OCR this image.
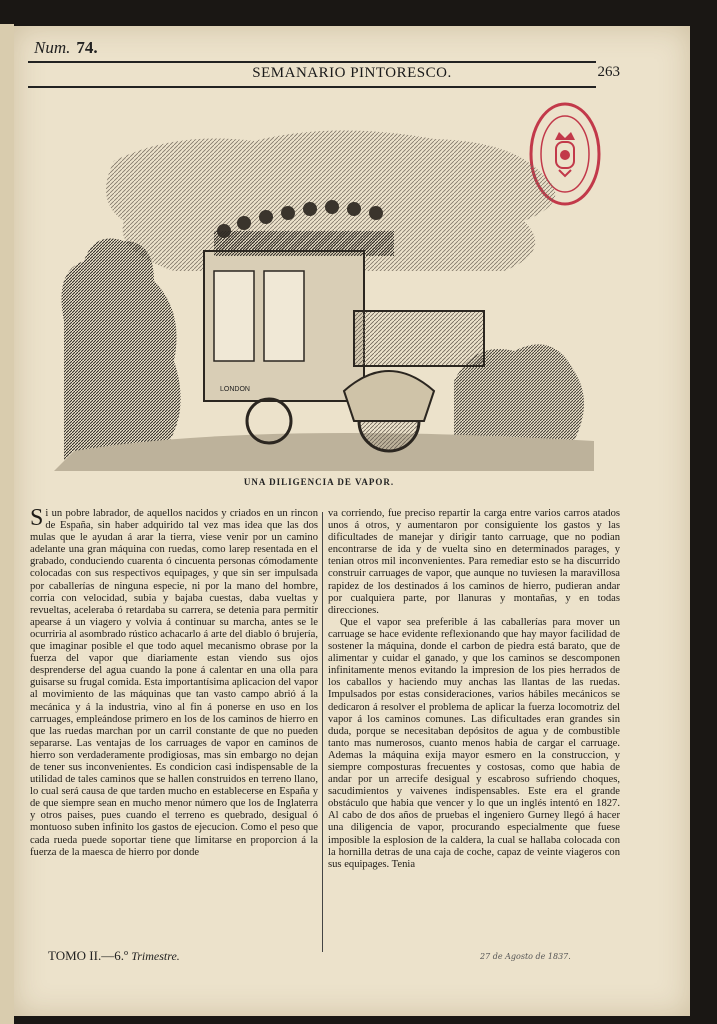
Num. 74.
SEMANARIO PINTORESCO.	263
LONDON
UNA DILIGENCIA DE VAPOR.

Si un pobre labrador, de aquellos nacidos y criados en un rincon de España, sin haber adquirido tal vez mas idea que las dos mulas que le ayudan á arar la tierra, viese venir por un camino adelante una gran máquina con ruedas, como larep resentada en el grabado, conduciendo cuarenta ó cincuenta personas cómodamente colocadas con sus respectivos equipages, y que sin ser impulsada por caballerías de ninguna especie, ni por la mano del hombre, corria con velocidad, subia y bajaba cuestas, daba vueltas y revueltas, aceleraba ó retardaba su carrera, se detenia para permitir apearse á un viagero y volvia á continuar su marcha, antes se le ocurriria al asombrado rústico achacarlo á arte del diablo ó brujería, que imaginar posible el que todo aquel mecanismo obrase por la fuerza del vapor que diariamente estan viendo sus ojos desprenderse del agua cuando la pone á calentar en una olla para guisarse su frugal comida. Esta importantísima aplicacion del vapor al movimiento de las máquinas que tan vasto campo abrió á la mecánica y á la industria, vino al fin á ponerse en uso en los carruages, empleándose primero en los de los caminos de hierro en que las ruedas marchan por un carril constante de que no pueden separarse. Las ventajas de los carruages de vapor en caminos de hierro son verdaderamente prodigiosas, mas sin embargo no dejan de tener sus inconvenientes. Es condicion casi indispensable de la utilidad de tales caminos que se hallen construidos en terreno llano, lo cual será causa de que tarden mucho en establecerse en España y de que siempre sean en mucho menor número que los de Inglaterra y otros paises, pues cuando el terreno es quebrado, desigual ó montuoso suben infinito los gastos de ejecucion. Como el peso que cada rueda puede soportar tiene que limitarse en proporcion á la fuerza de la maesca de hierro por donde

va corriendo, fue preciso repartir la carga entre varios carros atados unos á otros, y aumentaron por consiguiente los gastos y las dificultades de manejar y dirigir tanto carruage, que no podian encontrarse de ida y de vuelta sino en determinados parages, y tenian otros mil inconvenientes. Para remediar esto se ha discurrido construir carruages de vapor, que aunque no tuviesen la maravillosa rapidez de los destinados á los caminos de hierro, pudieran andar por cualquiera parte, por llanuras y montañas, y en todas direcciones.

Que el vapor sea preferible á las caballerías para mover un carruage se hace evidente reflexionando que hay mayor facilidad de sostener la máquina, donde el carbon de piedra está barato, que de alimentar y cuidar el ganado, y que los caminos se descomponen infinitamente menos evitando la impresion de los pies herrados de los caballos y haciendo muy anchas las llantas de las ruedas. Impulsados por estas consideraciones, varios hábiles mecánicos se dedicaron á resolver el problema de aplicar la fuerza locomotriz del vapor á los caminos comunes. Las dificultades eran grandes sin duda, porque se necesitaban depósitos de agua y de combustible tanto mas numerosos, cuanto menos habia de cargar el carruage. Ademas la máquina exija mayor esmero en la construccion, y siempre composturas frecuentes y costosas, como que habia de andar por un arrecife desigual y escabroso sufriendo choques, sacudimientos y vaivenes indispensables. Este era el grande obstáculo que habia que vencer y lo que un inglés intentó en 1827. Al cabo de dos años de pruebas el ingeniero Gurney llegó á hacer una diligencia de vapor, procurando especialmente que fuese imposible la esplosion de la caldera, la cual se hallaba colocada con la hornilla detras de una caja de coche, capaz de veinte viageros con sus equipages. Tenia

TOMO II.—6.º Trimestre.	27 de Agosto de 1837.
